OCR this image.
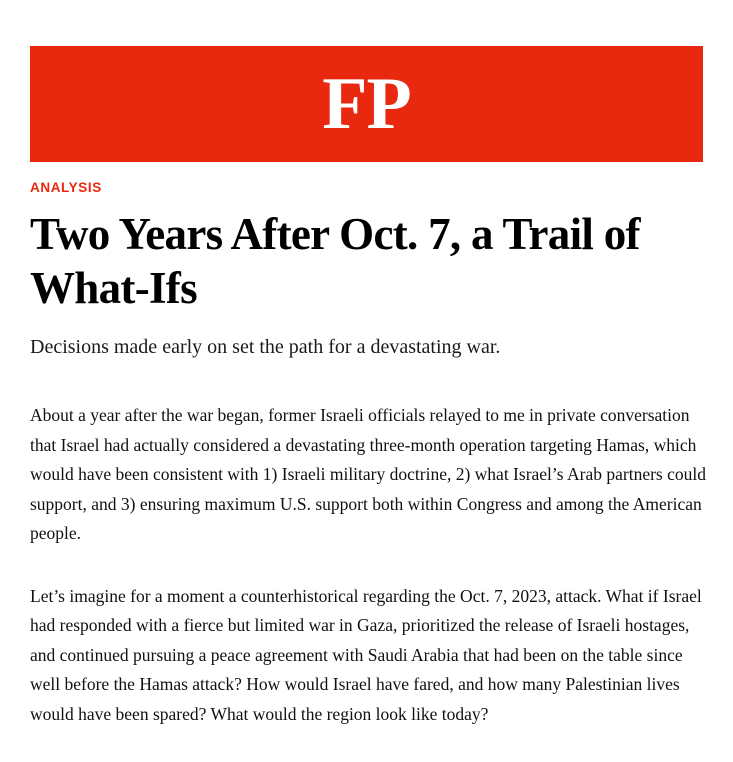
FP
ANALYSIS
Two Years After Oct. 7, a Trail of What-Ifs

Decisions made early on set the path for a devastating war.

About a year after the war began, former Israeli officials relayed to me in private conversation that Israel had actually considered a devastating three-month operation targeting Hamas, which would have been consistent with 1) Israeli military doctrine, 2) what Israel’s Arab partners could support, and 3) ensuring maximum U.S. support both within Congress and among the American people.

Let’s imagine for a moment a counterhistorical regarding the Oct. 7, 2023, attack. What if Israel had responded with a fierce but limited war in Gaza, prioritized the release of Israeli hostages, and continued pursuing a peace agreement with Saudi Arabia that had been on the table since well before the Hamas attack? How would Israel have fared, and how many Palestinian lives would have been spared? What would the region look like today?
